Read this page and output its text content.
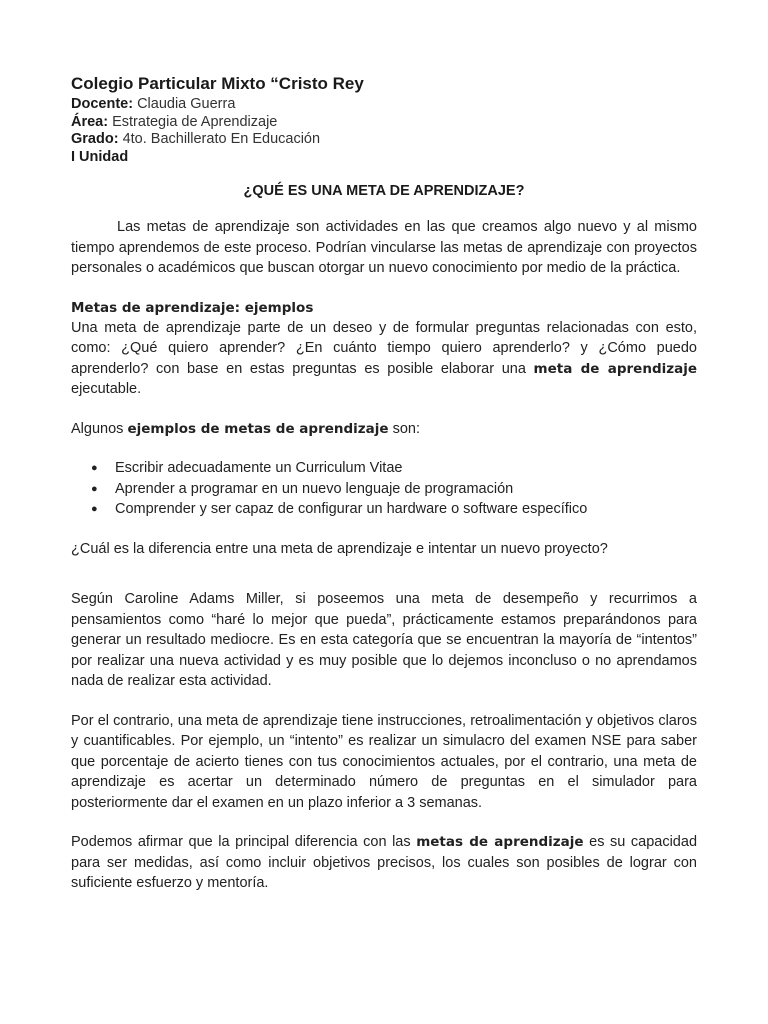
Colegio Particular Mixto “Cristo Rey
Docente: Claudia Guerra
Área: Estrategia de Aprendizaje
Grado: 4to. Bachillerato En Educación
I Unidad
¿QUÉ ES UNA META DE APRENDIZAJE?

Las metas de aprendizaje son actividades en las que creamos algo nuevo y al mismo tiempo aprendemos de este proceso. Podrían vincularse las metas de aprendizaje con proyectos personales o académicos que buscan otorgar un nuevo conocimiento por medio de la práctica.

Metas de aprendizaje: ejemplos

Una meta de aprendizaje parte de un deseo y de formular preguntas relacionadas con esto, como: ¿Qué quiero aprender? ¿En cuánto tiempo quiero aprenderlo? y ¿Cómo puedo aprenderlo? con base en estas preguntas es posible elaborar una meta de aprendizaje ejecutable.

Algunos ejemplos de metas de aprendizaje son:

● Escribir adecuadamente un Curriculum Vitae
● Aprender a programar en un nuevo lenguaje de programación
● Comprender y ser capaz de configurar un hardware o software específico

¿Cuál es la diferencia entre una meta de aprendizaje e intentar un nuevo proyecto?

Según Caroline Adams Miller, si poseemos una meta de desempeño y recurrimos a pensamientos como “haré lo mejor que pueda”, prácticamente estamos preparándonos para generar un resultado mediocre. Es en esta categoría que se encuentran la mayoría de “intentos” por realizar una nueva actividad y es muy posible que lo dejemos inconcluso o no aprendamos nada de realizar esta actividad.

Por el contrario, una meta de aprendizaje tiene instrucciones, retroalimentación y objetivos claros y cuantificables. Por ejemplo, un “intento” es realizar un simulacro del examen NSE para saber que porcentaje de acierto tienes con tus conocimientos actuales, por el contrario, una meta de aprendizaje es acertar un determinado número de preguntas en el simulador para posteriormente dar el examen en un plazo inferior a 3 semanas.

Podemos afirmar que la principal diferencia con las metas de aprendizaje es su capacidad para ser medidas, así como incluir objetivos precisos, los cuales son posibles de lograr con suficiente esfuerzo y mentoría.
